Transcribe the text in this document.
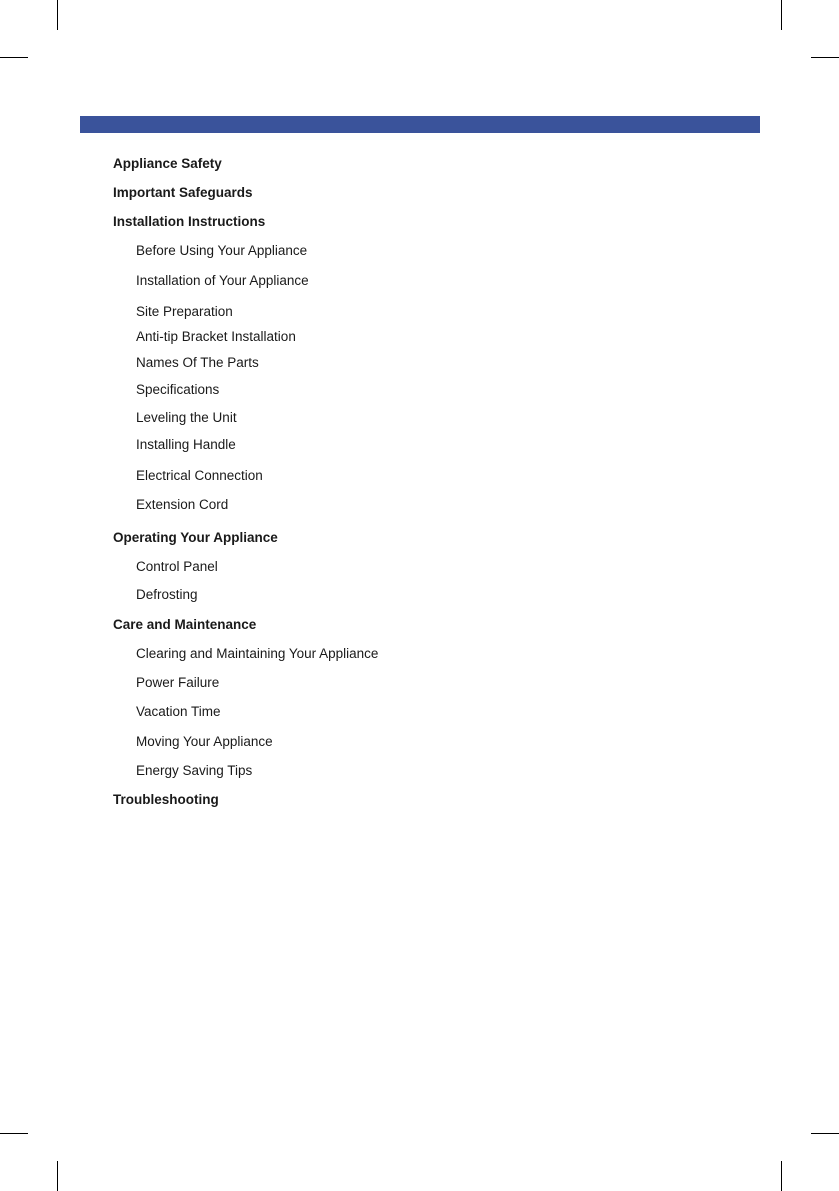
Appliance Safety
Important Safeguards
Installation Instructions
Before Using Your Appliance
Installation of Your Appliance
Site Preparation
Anti-tip Bracket Installation
Names Of The Parts
Specifications
Leveling the Unit
Installing Handle
Electrical Connection
Extension Cord
Operating Your Appliance
Control Panel
Defrosting
Care and Maintenance
Clearing and Maintaining Your Appliance
Power Failure
Vacation Time
Moving Your Appliance
Energy Saving Tips
Troubleshooting
